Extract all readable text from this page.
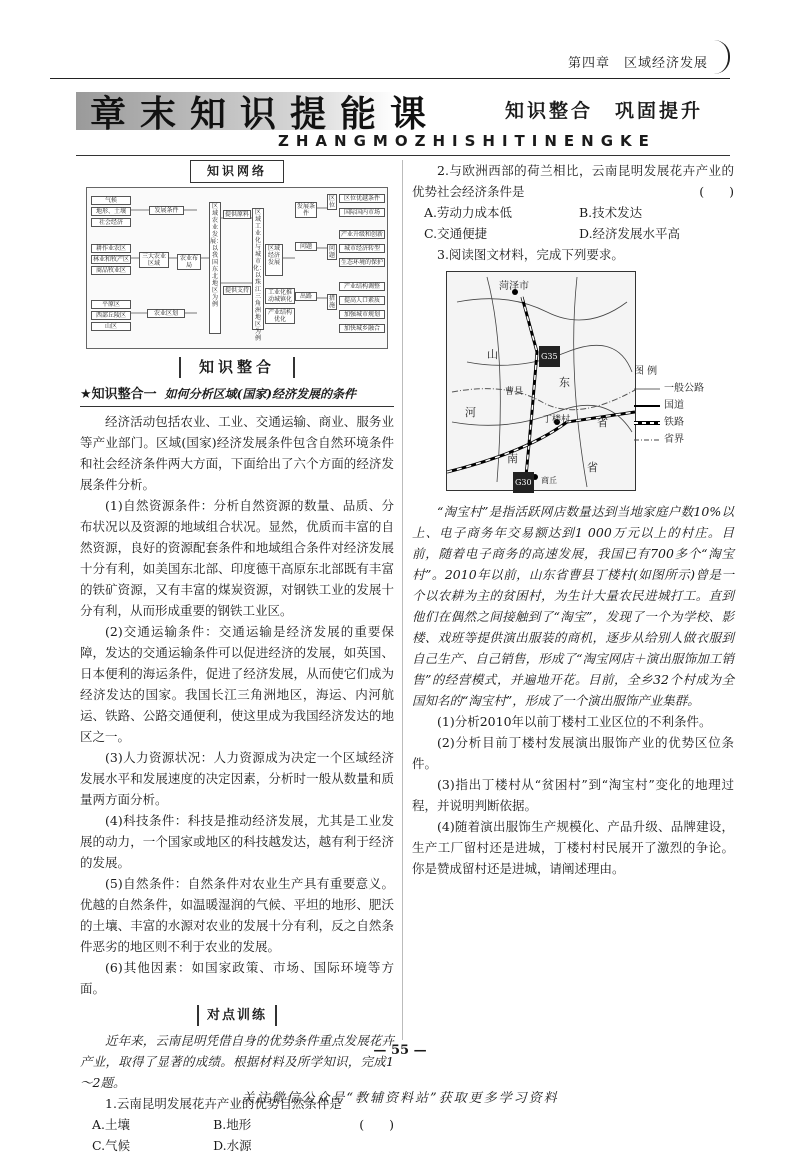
第四章　区域经济发展
章末知识提能课	知识整合　巩固提升
ZHANGMOZHISHITINENGKE
知识网络
气候
地形、土壤
社会经济
耕作业农区
林业和牧产区
商品牧业区
三大农业区域
发展条件
农业布局
区域农业发展：以我国东北地区为例
提供原料
提供支持
区域工业化与城市化：以珠江三角洲地区为例
区域经济发展
发展条件
问题
出路
工业化推动城镇化
产业结构优化
平原区
西部丘陵区
山区
农业区划
区位
问题
措施
区位优越条件
国际国内市场
产业升级和创新
城市经济转型
生态环境的保护
产业结构调整
提高人口素质
加强城市规划
加快城乡融合
知识整合
★知识整合一 如何分析区域(国家)经济发展的条件

经济活动包括农业、工业、交通运输、商业、服务业等产业部门。区域(国家)经济发展条件包含自然环境条件和社会经济条件两大方面，下面给出了六个方面的经济发展条件分析。

(1)自然资源条件：分析自然资源的数量、品质、分布状况以及资源的地域组合状况。显然，优质而丰富的自然资源，良好的资源配套条件和地域组合条件对经济发展十分有利，如美国东北部、印度德干高原东北部既有丰富的铁矿资源，又有丰富的煤炭资源，对钢铁工业的发展十分有利，从而形成重要的钢铁工业区。

(2)交通运输条件：交通运输是经济发展的重要保障，发达的交通运输条件可以促进经济的发展，如英国、日本便利的海运条件，促进了经济发展，从而使它们成为经济发达的国家。我国长江三角洲地区，海运、内河航运、铁路、公路交通便利，使这里成为我国经济发达的地区之一。

(3)人力资源状况：人力资源成为决定一个区域经济发展水平和发展速度的决定因素，分析时一般从数量和质量两方面分析。

(4)科技条件：科技是推动经济发展，尤其是工业发展的动力，一个国家或地区的科技越发达，越有利于经济的发展。

(5)自然条件：自然条件对农业生产具有重要意义。优越的自然条件，如温暖湿润的气候、平坦的地形、肥沃的土壤、丰富的水源对农业的发展十分有利，反之自然条件恶劣的地区则不利于农业的发展。

(6)其他因素：如国家政策、市场、国际环境等方面。

对点训练

近年来，云南昆明凭借自身的优势条件重点发展花卉产业，取得了显著的成绩。根据材料及所学知识，完成1～2题。

1.云南昆明发展花卉产业的优势自然条件是
(　　)

A.土壤	B.地形
C.气候	D.水源

2.与欧洲西部的荷兰相比，云南昆明发展花卉产业的优势社会经济条件是	(　　)

A.劳动力成本低	B.技术发达
C.交通便捷	D.经济发展水平高

3.阅读图文材料，完成下列要求。

菏泽市
山
东
河
曹县
丁楼村 省
南
省
商丘
G35
G30
图 例
一般公路
国道
铁路
省界

“淘宝村”是指活跃网店数量达到当地家庭户数10%以上、电子商务年交易额达到1 000万元以上的村庄。目前，随着电子商务的高速发展，我国已有700多个“淘宝村”。2010年以前，山东省曹县丁楼村(如图所示)曾是一个以农耕为主的贫困村，为生计大量农民进城打工。直到他们在偶然之间接触到了“淘宝”，发现了一个为学校、影楼、戏班等提供演出服装的商机，逐步从给别人做衣服到自己生产、自己销售，形成了“淘宝网店＋演出服饰加工销售”的经营模式，并遍地开花。目前，全乡32个村成为全国知名的“淘宝村”，形成了一个演出服饰产业集群。

(1)分析2010年以前丁楼村工业区位的不利条件。

(2)分析目前丁楼村发展演出服饰产业的优势区位条件。

(3)指出丁楼村从“贫困村”到“淘宝村”变化的地理过程，并说明判断依据。

(4)随着演出服饰生产规模化、产品升级、品牌建设，生产工厂留村还是进城，丁楼村村民展开了激烈的争论。你是赞成留村还是进城，请阐述理由。

— 55 —
关注微信公众号“教辅资料站”获取更多学习资料
